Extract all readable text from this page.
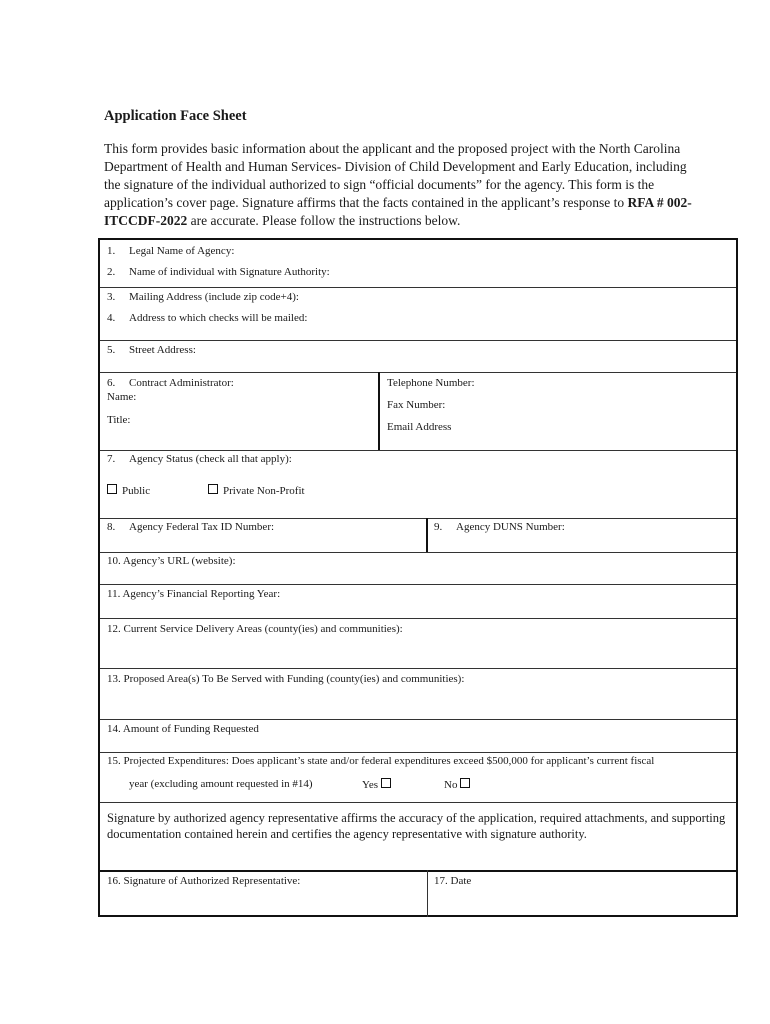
Application Face Sheet
This form provides basic information about the applicant and the proposed project with the North Carolina Department of Health and Human Services- Division of Child Development and Early Education, including the signature of the individual authorized to sign “official documents” for the agency. This form is the application’s cover page. Signature affirms that the facts contained in the applicant’s response to RFA # 002-ITCCDF-2022 are accurate. Please follow the instructions below.
1. Legal Name of Agency:
2. Name of individual with Signature Authority:
3. Mailing Address (include zip code+4):
4. Address to which checks will be mailed:
5. Street Address:
6. Contract Administrator:
Name:
Title:
Telephone Number:
Fax Number:
Email Address
7. Agency Status (check all that apply):
Public	Private Non-Profit
8. Agency Federal Tax ID Number:	9. Agency DUNS Number:
10. Agency’s URL (website):
11. Agency’s Financial Reporting Year:
12. Current Service Delivery Areas (county(ies) and communities):
13. Proposed Area(s) To Be Served with Funding (county(ies) and communities):
14. Amount of Funding Requested
15. Projected Expenditures: Does applicant’s state and/or federal expenditures exceed $500,000 for applicant’s current fiscal
year (excluding amount requested in #14)	Yes	No
Signature by authorized agency representative affirms the accuracy of the application, required attachments, and supporting documentation contained herein and certifies the agency representative with signature authority.
16. Signature of Authorized Representative:	17. Date
